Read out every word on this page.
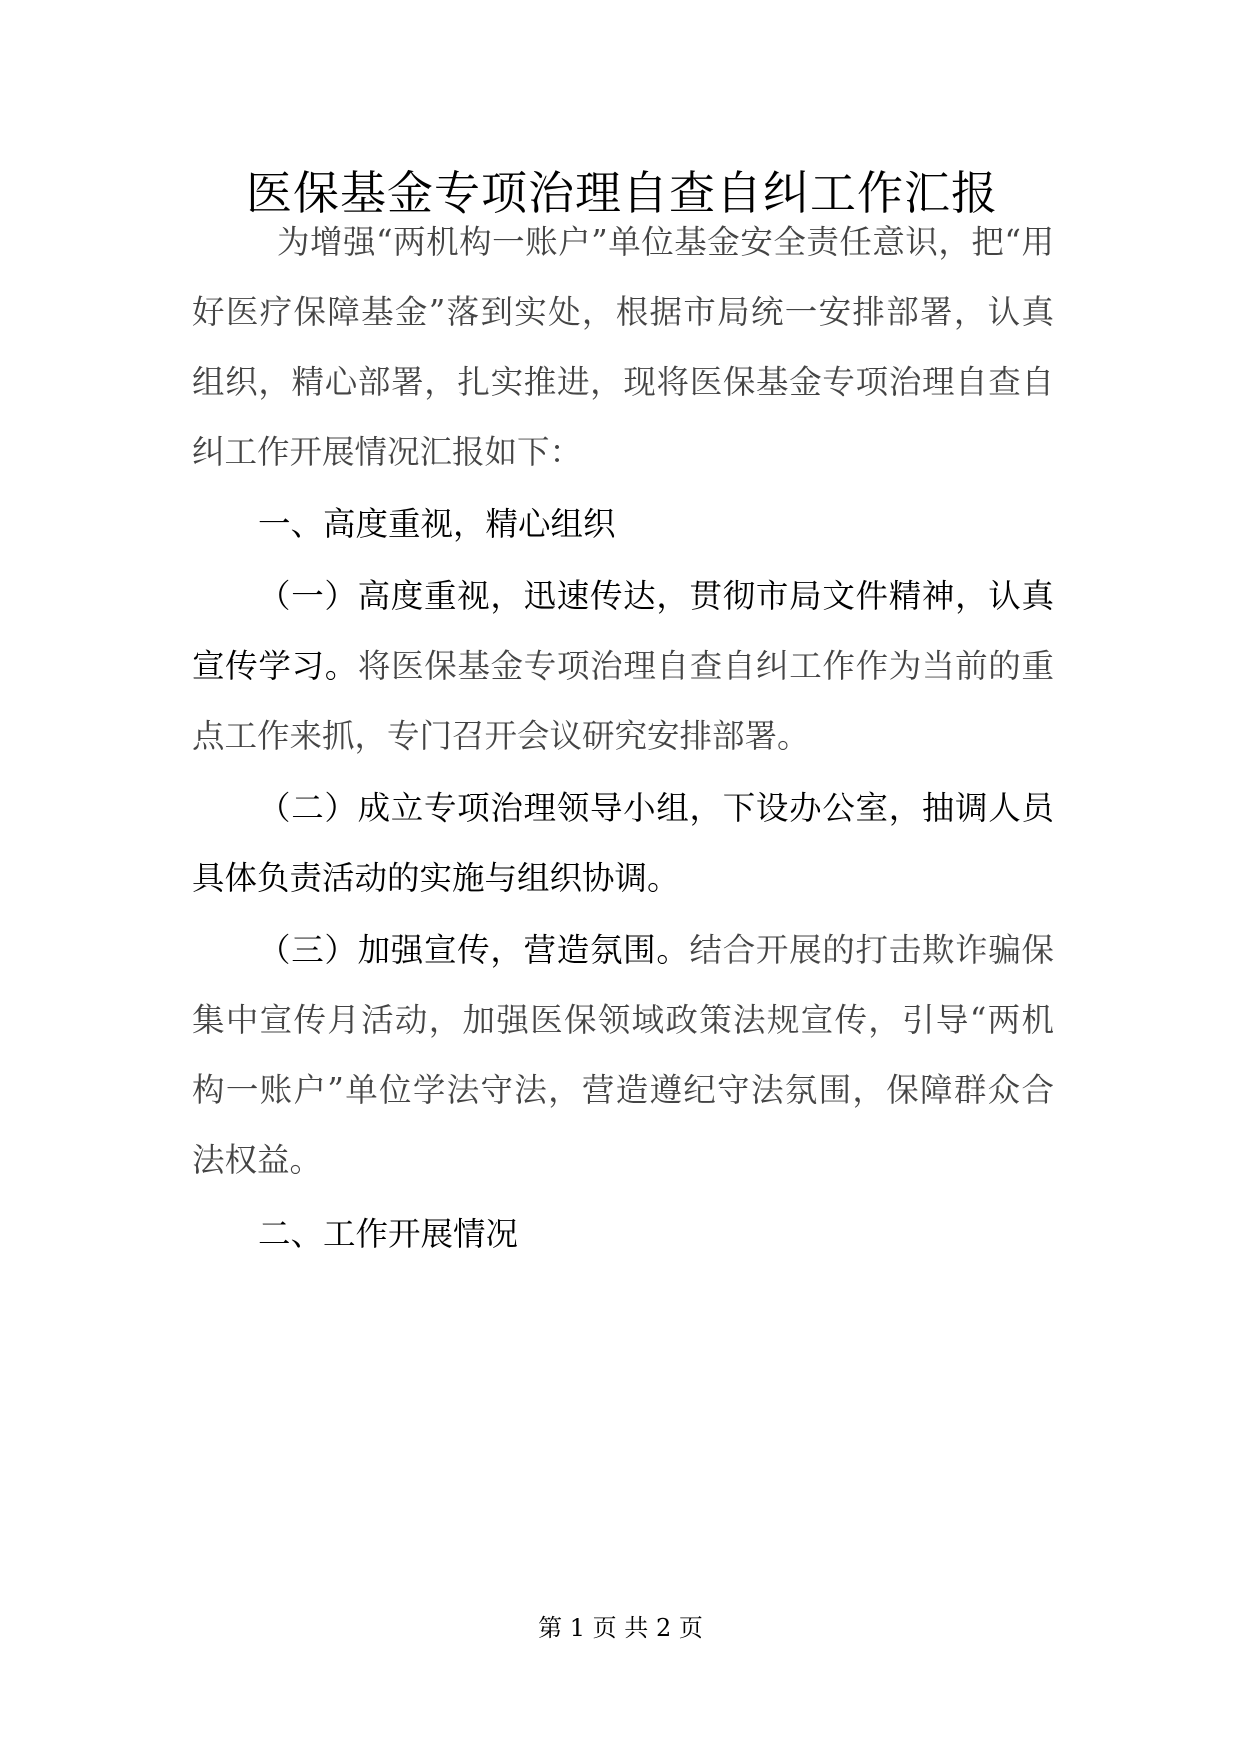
医保基金专项治理自查自纠工作汇报
为增强“两机构一账户”单位基金安全责任意识，把“用
好医疗保障基金”落到实处，根据市局统一安排部署，认真
组织，精心部署，扎实推进，现将医保基金专项治理自查自
纠工作开展情况汇报如下：
一、高度重视，精心组织
（一）高度重视，迅速传达，贯彻市局文件精神，认真
宣传学习。将医保基金专项治理自查自纠工作作为当前的重
点工作来抓，专门召开会议研究安排部署。
（二）成立专项治理领导小组，下设办公室，抽调人员
具体负责活动的实施与组织协调。
（三）加强宣传，营造氛围。结合开展的打击欺诈骗保
集中宣传月活动，加强医保领域政策法规宣传，引导“两机
构一账户”单位学法守法，营造遵纪守法氛围，保障群众合
法权益。
二、工作开展情况
第 1 页 共 2 页
